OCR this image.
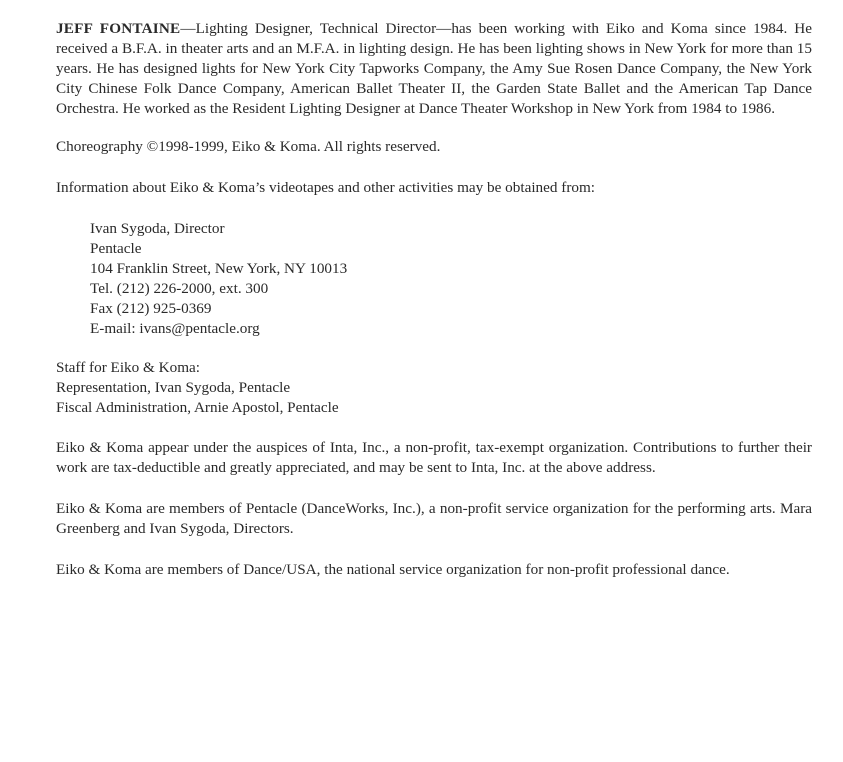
JEFF FONTAINE—Lighting Designer, Technical Director—has been working with Eiko and Koma since 1984. He received a B.F.A. in theater arts and an M.F.A. in lighting design. He has been lighting shows in New York for more than 15 years. He has designed lights for New York City Tapworks Company, the Amy Sue Rosen Dance Company, the New York City Chinese Folk Dance Company, American Ballet Theater II, the Garden State Ballet and the American Tap Dance Orchestra. He worked as the Resident Lighting Designer at Dance Theater Workshop in New York from 1984 to 1986.

Choreography ©1998-1999, Eiko & Koma. All rights reserved.

Information about Eiko & Koma’s videotapes and other activities may be obtained from:

Ivan Sygoda, Director
Pentacle
104 Franklin Street, New York, NY 10013
Tel. (212) 226-2000, ext. 300
Fax (212) 925-0369
E-mail: ivans@pentacle.org
Staff for Eiko & Koma:
Representation, Ivan Sygoda, Pentacle
Fiscal Administration, Arnie Apostol, Pentacle

Eiko & Koma appear under the auspices of Inta, Inc., a non-profit, tax-exempt organization. Contributions to further their work are tax-deductible and greatly appreciated, and may be sent to Inta, Inc. at the above address.

Eiko & Koma are members of Pentacle (DanceWorks, Inc.), a non-profit service organization for the performing arts. Mara Greenberg and Ivan Sygoda, Directors.

Eiko & Koma are members of Dance/USA, the national service organization for non-profit professional dance.
